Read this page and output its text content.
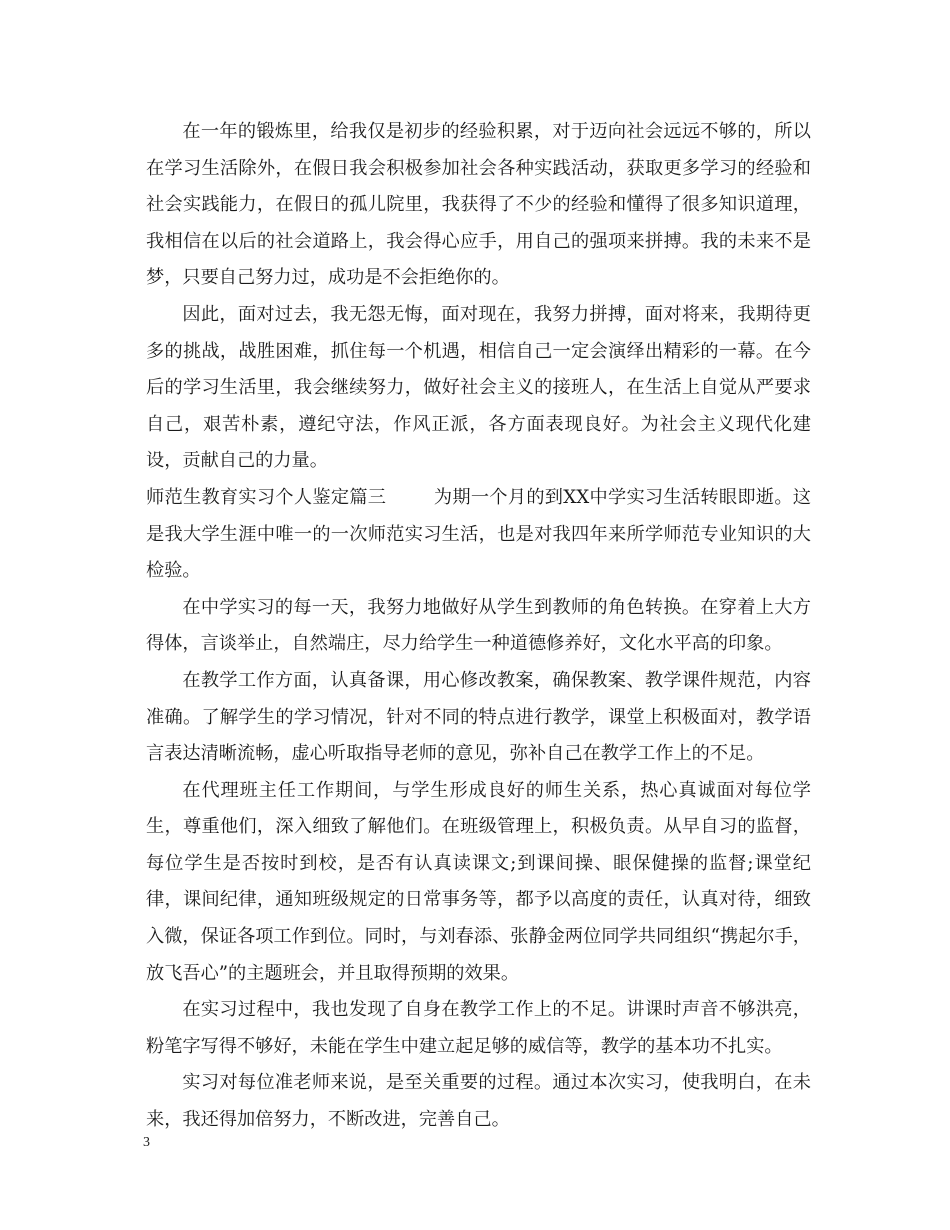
在一年的锻炼里，给我仅是初步的经验积累，对于迈向社会远远不够的，所以在学习生活除外，在假日我会积极参加社会各种实践活动，获取更多学习的经验和社会实践能力，在假日的孤儿院里，我获得了不少的经验和懂得了很多知识道理，我相信在以后的社会道路上，我会得心应手，用自己的强项来拼搏。我的未来不是梦，只要自己努力过，成功是不会拒绝你的。

因此，面对过去，我无怨无悔，面对现在，我努力拼搏，面对将来，我期待更多的挑战，战胜困难，抓住每一个机遇，相信自己一定会演绎出精彩的一幕。在今后的学习生活里，我会继续努力，做好社会主义的接班人，在生活上自觉从严要求自己，艰苦朴素，遵纪守法，作风正派，各方面表现良好。为社会主义现代化建设，贡献自己的力量。

师范生教育实习个人鉴定篇三	为期一个月的到XX中学实习生活转眼即逝。这是我大学生涯中唯一的一次师范实习生活，也是对我四年来所学师范专业知识的大检验。

在中学实习的每一天，我努力地做好从学生到教师的角色转换。在穿着上大方得体，言谈举止，自然端庄，尽力给学生一种道德修养好，文化水平高的印象。

在教学工作方面，认真备课，用心修改教案，确保教案、教学课件规范，内容准确。了解学生的学习情况，针对不同的特点进行教学，课堂上积极面对，教学语言表达清晰流畅，虚心听取指导老师的意见，弥补自己在教学工作上的不足。

在代理班主任工作期间，与学生形成良好的师生关系，热心真诚面对每位学生，尊重他们，深入细致了解他们。在班级管理上，积极负责。从早自习的监督，每位学生是否按时到校，是否有认真读课文;到课间操、眼保健操的监督;课堂纪律，课间纪律，通知班级规定的日常事务等，都予以高度的责任，认真对待，细致入微，保证各项工作到位。同时，与刘春添、张静金两位同学共同组织“携起尔手，放飞吾心”的主题班会，并且取得预期的效果。

在实习过程中，我也发现了自身在教学工作上的不足。讲课时声音不够洪亮，粉笔字写得不够好，未能在学生中建立起足够的威信等，教学的基本功不扎实。

实习对每位准老师来说，是至关重要的过程。通过本次实习，使我明白，在未来，我还得加倍努力，不断改进，完善自己。

3
